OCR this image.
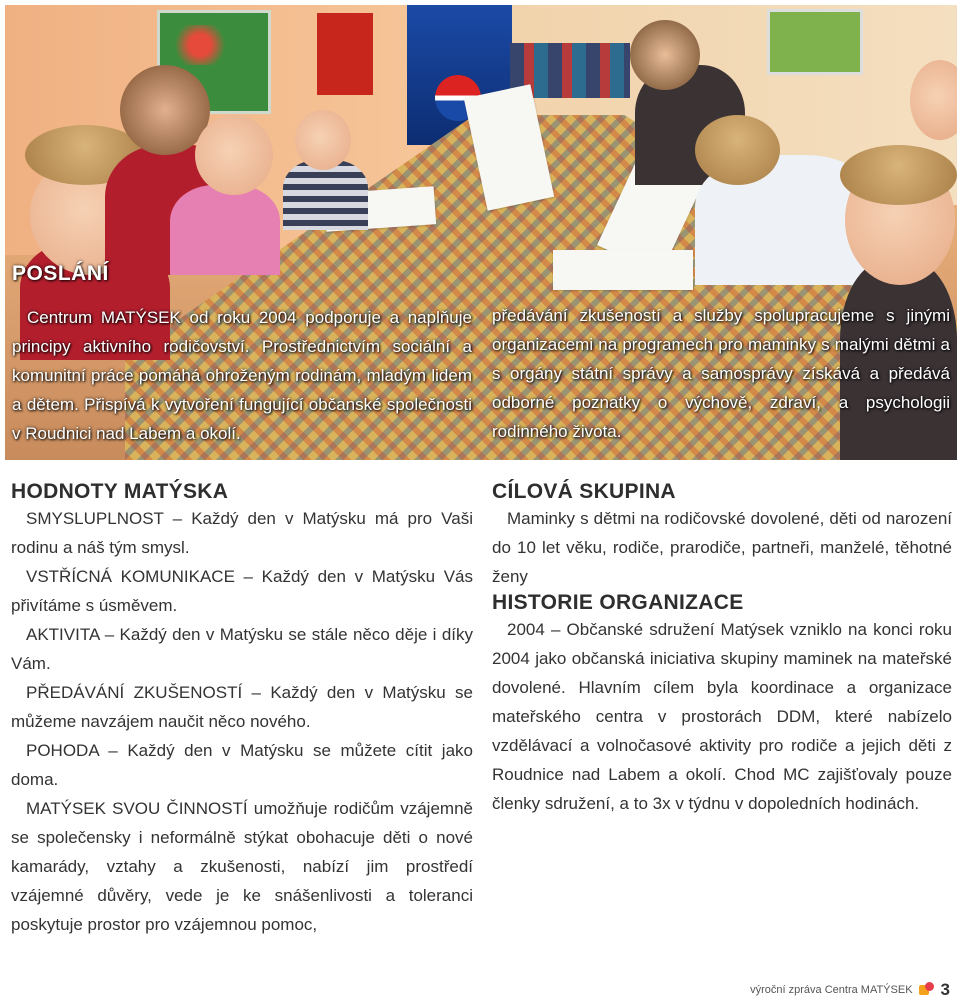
POSLÁNÍ

Centrum MATÝSEK od roku 2004 podporuje a naplňuje principy aktivního rodičovství. Prostřednictvím sociální a komunitní práce pomáhá ohroženým rodinám, mladým lidem a dětem. Přispívá k vytvoření fungující občanské společnosti v Roudnici nad Labem a okolí.

předávání zkušeností a služby spolupracujeme s jinými organizacemi na programech pro maminky s malými dětmi a s orgány státní správy a samosprávy získává a předává odborné poznatky o výchově, zdraví, a psychologii rodinného života.

HODNOTY MATÝSKA

SMYSLUPLNOST – Každý den v Matýsku má pro Vaši rodinu a náš tým smysl.

VSTŘÍCNÁ KOMUNIKACE – Každý den v Matýsku Vás přivítáme s úsměvem.

AKTIVITA – Každý den v Matýsku se stále něco děje i díky Vám.

PŘEDÁVÁNÍ ZKUŠENOSTÍ – Každý den v Matýsku se můžeme navzájem naučit něco nového.

POHODA – Každý den v Matýsku se můžete cítit jako doma.

MATÝSEK SVOU ČINNOSTÍ umožňuje rodičům vzájemně se společensky i neformálně stýkat obohacuje děti o nové kamarády, vztahy a zkušenosti, nabízí jim prostředí vzájemné důvěry, vede je ke snášenlivosti a toleranci poskytuje prostor pro vzájemnou pomoc,

CÍLOVÁ SKUPINA

Maminky s dětmi na rodičovské dovolené, děti od narození do 10 let věku, rodiče, prarodiče, partneři, manželé, těhotné ženy

HISTORIE ORGANIZACE

2004 – Občanské sdružení Matýsek vzniklo na konci roku 2004 jako občanská iniciativa skupiny maminek na mateřské dovolené. Hlavním cílem byla koordinace a organizace mateřského centra v prostorách DDM, které nabízelo vzdělávací a volnočasové aktivity pro rodiče a jejich děti z Roudnice nad Labem a okolí. Chod MC zajišťovaly pouze členky sdružení, a to 3x v týdnu v dopoledních hodinách.

výroční zpráva Centra MATÝSEK 3
